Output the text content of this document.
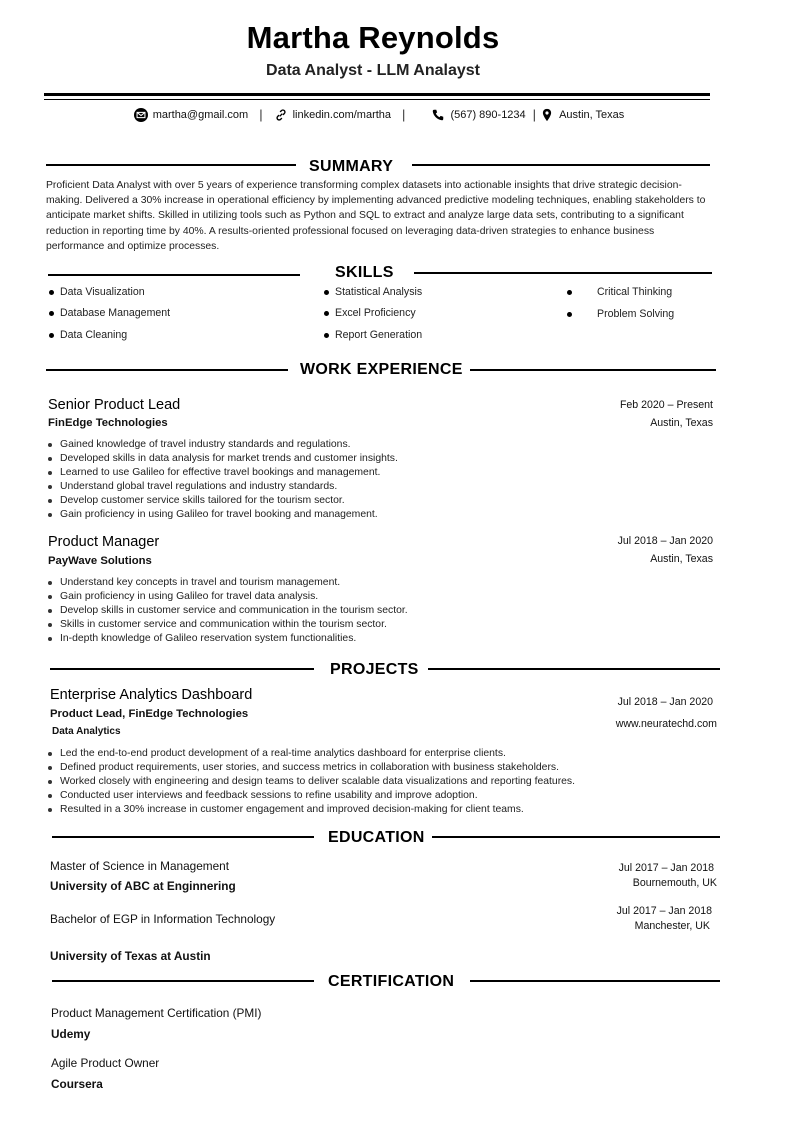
Martha Reynolds
Data Analyst - LLM Analayst
martha@gmail.com |	linkedin.com/martha |	(567) 890-1234 | Austin, Texas
SUMMARY
Proficient Data Analyst with over 5 years of experience transforming complex datasets into actionable insights that drive strategic decision-making. Delivered a 30% increase in operational efficiency by implementing advanced predictive modeling techniques, enabling stakeholders to anticipate market shifts. Skilled in utilizing tools such as Python and SQL to extract and analyze large data sets, contributing to a significant reduction in reporting time by 40%. A results-oriented professional focused on leveraging data-driven strategies to enhance business performance and optimize processes.
SKILLS
Data Visualization
Database Management
Data Cleaning
Statistical Analysis
Excel Proficiency
Report Generation
Critical Thinking
Problem Solving
WORK EXPERIENCE
Senior Product Lead
FinEdge Technologies
Feb 2020 – Present
Austin, Texas
Gained knowledge of travel industry standards and regulations.
Developed skills in data analysis for market trends and customer insights.
Learned to use Galileo for effective travel bookings and management.
Understand global travel regulations and industry standards.
Develop customer service skills tailored for the tourism sector.
Gain proficiency in using Galileo for travel booking and management.
Product Manager
PayWave Solutions
Jul 2018 – Jan 2020
Austin, Texas
Understand key concepts in travel and tourism management.
Gain proficiency in using Galileo for travel data analysis.
Develop skills in customer service and communication in the tourism sector.
Skills in customer service and communication within the tourism sector.
In-depth knowledge of Galileo reservation system functionalities.
PROJECTS
Enterprise Analytics Dashboard
Product Lead, FinEdge Technologies
Data Analytics
Jul 2018 – Jan 2020
www.neuratechd.com
Led the end-to-end product development of a real-time analytics dashboard for enterprise clients.
Defined product requirements, user stories, and success metrics in collaboration with business stakeholders.
Worked closely with engineering and design teams to deliver scalable data visualizations and reporting features.
Conducted user interviews and feedback sessions to refine usability and improve adoption.
Resulted in a 30% increase in customer engagement and improved decision-making for client teams.
EDUCATION
Master of Science in Management
University of ABC at Enginnering
Jul 2017 – Jan 2018
Bournemouth, UK
Bachelor of EGP in Information Technology
Jul 2017 – Jan 2018
Manchester, UK
University of Texas at Austin
CERTIFICATION
Product Management Certification (PMI)
Udemy
Agile Product Owner
Coursera
